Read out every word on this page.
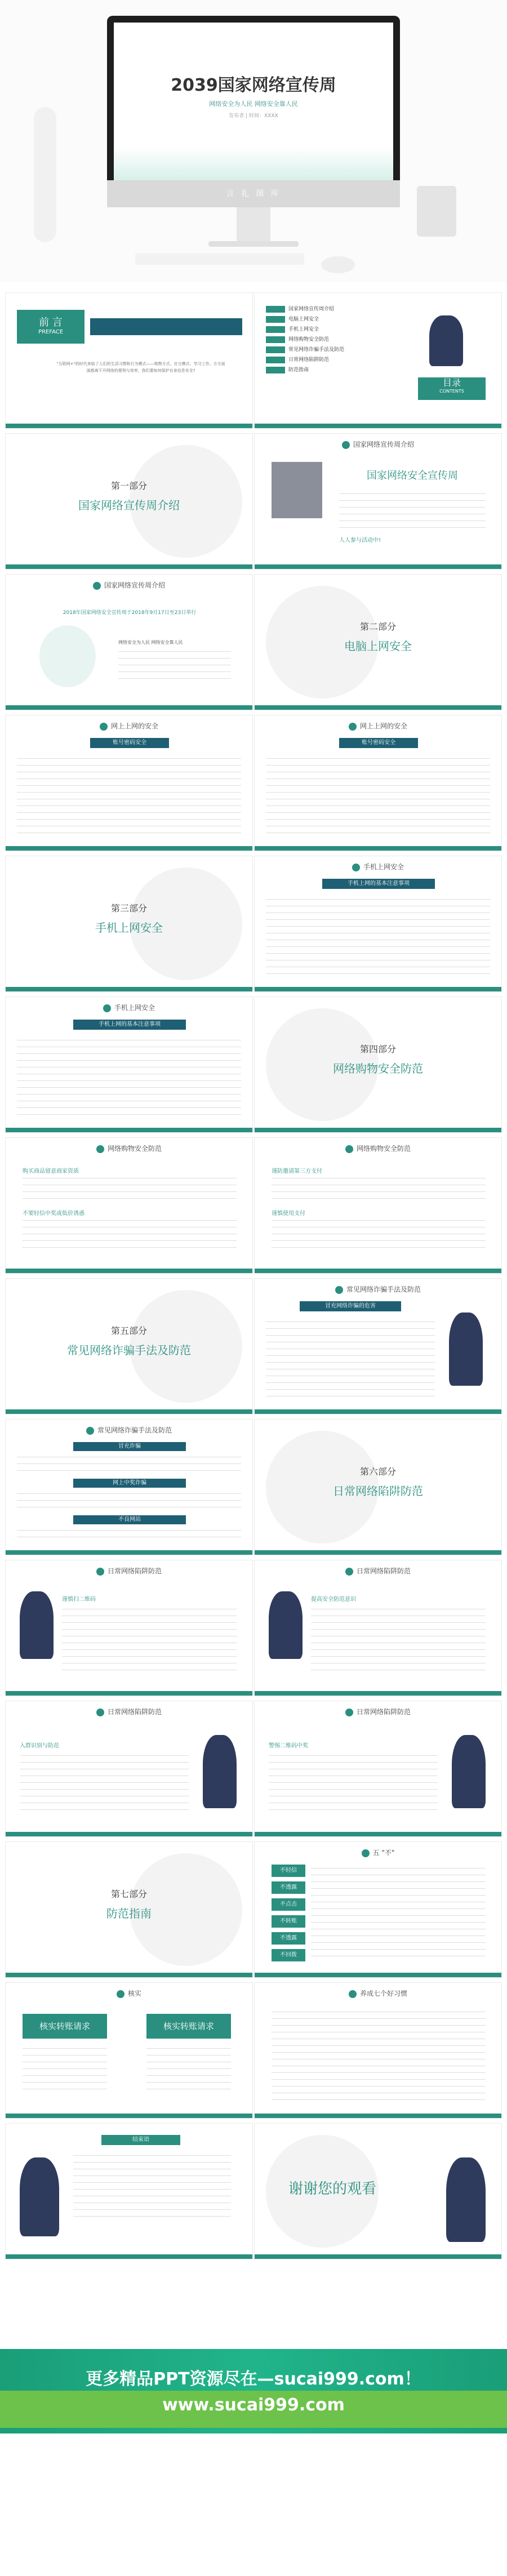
2039国家网络宣传周
网络安全为人民 网络安全靠人民
发布者 | 时间：XXXX
言 礼 图 库
前 言
PREFACE
"互联网+"的时代来临了人们的生活习惯和行为模式——购物方式、社交模式、学习工作。方方面面都离不开网络的便利与效率，我们要如何保护自身信息安全?
国家网络宣传周介绍
电脑上网安全
手机上网安全
网络购物安全防范
常见网络诈骗手法及防范
日常网络陷阱防范
防范指南
目录
CONTENTS
第一部分
国家网络宣传周介绍
国家网络宣传周介绍
国家网络安全宣传周
人人参与活动中!
国家网络宣传周介绍
2018年国家网络安全宣传周于2018年9月17日至23日举行
网络安全为人民 网络安全靠人民
第二部分
电脑上网安全
网上上网的安全
账号密码安全
网上上网的安全
账号密码安全
第三部分
手机上网安全
手机上网安全
手机上网的基本注意事项
手机上网安全
手机上网的基本注意事项
第四部分
网络购物安全防范
网络购物安全防范
购买商品留意商家资质
不要轻信中奖或低价诱惑
网络购物安全防范
谨防邀请第三方支付
谨慎使用支付
第五部分
常见网络诈骗手法及防范
常见网络诈骗手法及防范
冒充网络诈骗的危害
常见网络诈骗手法及防范
冒充诈骗
网上中奖诈骗
不良网站
第六部分
日常网络陷阱防范
日常网络陷阱防范
谨慎扫二维码
日常网络陷阱防范
提高安全防范意识
日常网络陷阱防范
入群识别与防范
日常网络陷阱防范
警惕二维码中奖
第七部分
防范指南
五 "不"
不轻信
不透露
不点击
不转账
不透露
不回拨
核实
核实转账请求	核实转账请求
养成七个好习惯
结束语
谢谢您的观看
更多精品PPT资源尽在—sucai999.com！
www.sucai999.com
